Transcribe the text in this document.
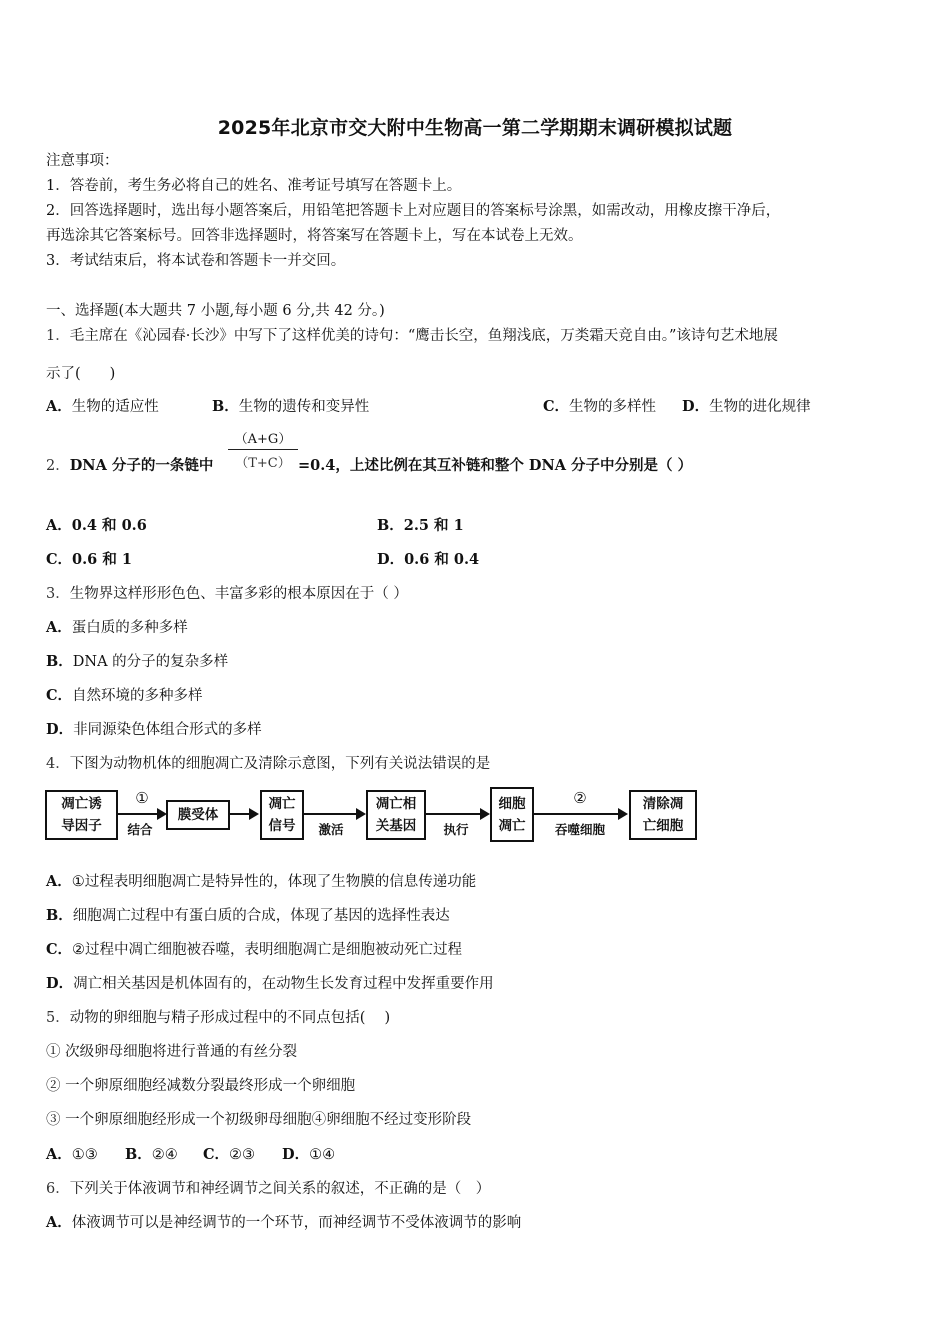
2025年北京市交大附中生物高一第二学期期末调研模拟试题
注意事项：
1．答卷前，考生务必将自己的姓名、准考证号填写在答题卡上。
2．回答选择题时，选出每小题答案后，用铅笔把答题卡上对应题目的答案标号涂黑，如需改动，用橡皮擦干净后，
再选涂其它答案标号。回答非选择题时，将答案写在答题卡上，写在本试卷上无效。
3．考试结束后，将本试卷和答题卡一并交回。
一、选择题(本大题共 7 小题,每小题 6 分,共 42 分。)
1．毛主席在《沁园春·长沙》中写下了这样优美的诗句：“鹰击长空，鱼翔浅底，万类霜天竞自由。”该诗句艺术地展
示了(　　)
A．生物的适应性	B．生物的遗传和变异性	C．生物的多样性 D．生物的进化规律
2．DNA 分子的一条链中 $\frac{(A+G)}{(T+C)} =0.4$，上述比例在其互补链和整个 DNA 分子中分别是（ ）
A．0.4 和 0.6	B．2.5 和 1
C．0.6 和 1	D．0.6 和 0.4
3．生物界这样形形色色、丰富多彩的根本原因在于（ ）
A．蛋白质的多种多样
B．DNA 的分子的复杂多样
C．自然环境的多种多样
D．非同源染色体组合形式的多样
4．下图为动物机体的细胞凋亡及清除示意图，下列有关说法错误的是
凋亡诱
导因子
①
结合
膜受体
凋亡
信号	激活
凋亡相
关基因	执行
细胞
凋亡
②
吞噬细胞
清除凋
亡细胞
A．①过程表明细胞凋亡是特异性的，体现了生物膜的信息传递功能
B．细胞凋亡过程中有蛋白质的合成，体现了基因的选择性表达
C．②过程中凋亡细胞被吞噬，表明细胞凋亡是细胞被动死亡过程
D．凋亡相关基因是机体固有的，在动物生长发育过程中发挥重要作用
5．动物的卵细胞与精子形成过程中的不同点包括(　 )
① 次级卵母细胞将进行普通的有丝分裂
② 一个卵原细胞经减数分裂最终形成一个卵细胞
③ 一个卵原细胞经形成一个初级卵母细胞④卵细胞不经过变形阶段
A．①③ B．②④ C．②③ D．①④
6．下列关于体液调节和神经调节之间关系的叙述，不正确的是（　）
A．体液调节可以是神经调节的一个环节，而神经调节不受体液调节的影响
